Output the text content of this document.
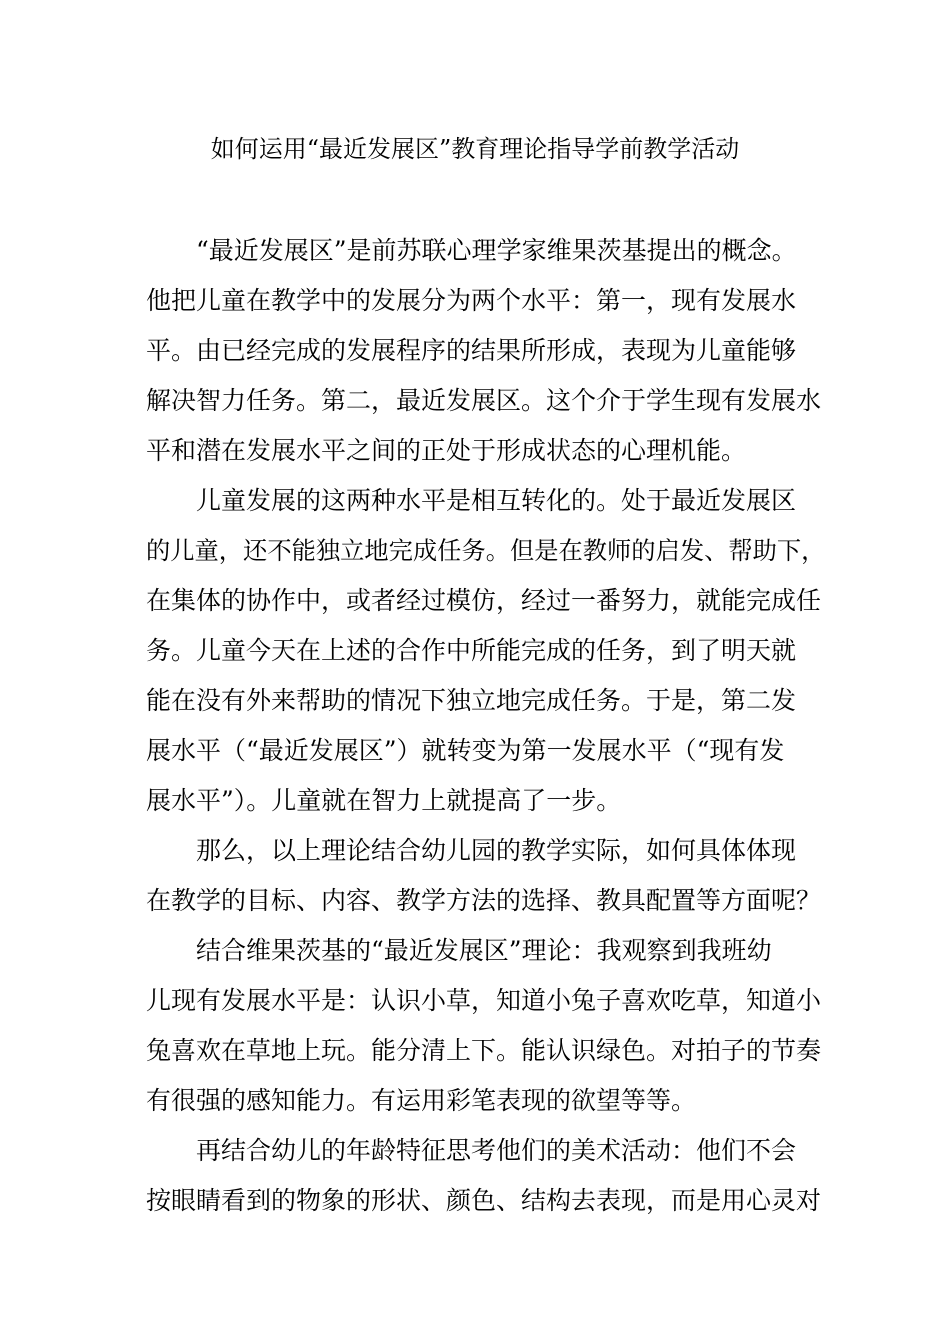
如何运用“最近发展区”教育理论指导学前教学活动
“最近发展区”是前苏联心理学家维果茨基提出的概念。
他把儿童在教学中的发展分为两个水平：第一，现有发展水
平。由已经完成的发展程序的结果所形成，表现为儿童能够
解决智力任务。第二，最近发展区。这个介于学生现有发展水
平和潜在发展水平之间的正处于形成状态的心理机能。
儿童发展的这两种水平是相互转化的。处于最近发展区
的儿童，还不能独立地完成任务。但是在教师的启发、帮助下，
在集体的协作中，或者经过模仿，经过一番努力，就能完成任
务。儿童今天在上述的合作中所能完成的任务，到了明天就
能在没有外来帮助的情况下独立地完成任务。于是，第二发
展水平（“最近发展区”）就转变为第一发展水平（“现有发
展水平”）。儿童就在智力上就提高了一步。
那么，以上理论结合幼儿园的教学实际，如何具体体现
在教学的目标、内容、教学方法的选择、教具配置等方面呢？
结合维果茨基的“最近发展区”理论：我观察到我班幼
儿现有发展水平是：认识小草，知道小兔子喜欢吃草，知道小
兔喜欢在草地上玩。能分清上下。能认识绿色。对拍子的节奏
有很强的感知能力。有运用彩笔表现的欲望等等。
再结合幼儿的年龄特征思考他们的美术活动：他们不会
按眼睛看到的物象的形状、颜色、结构去表现，而是用心灵对
